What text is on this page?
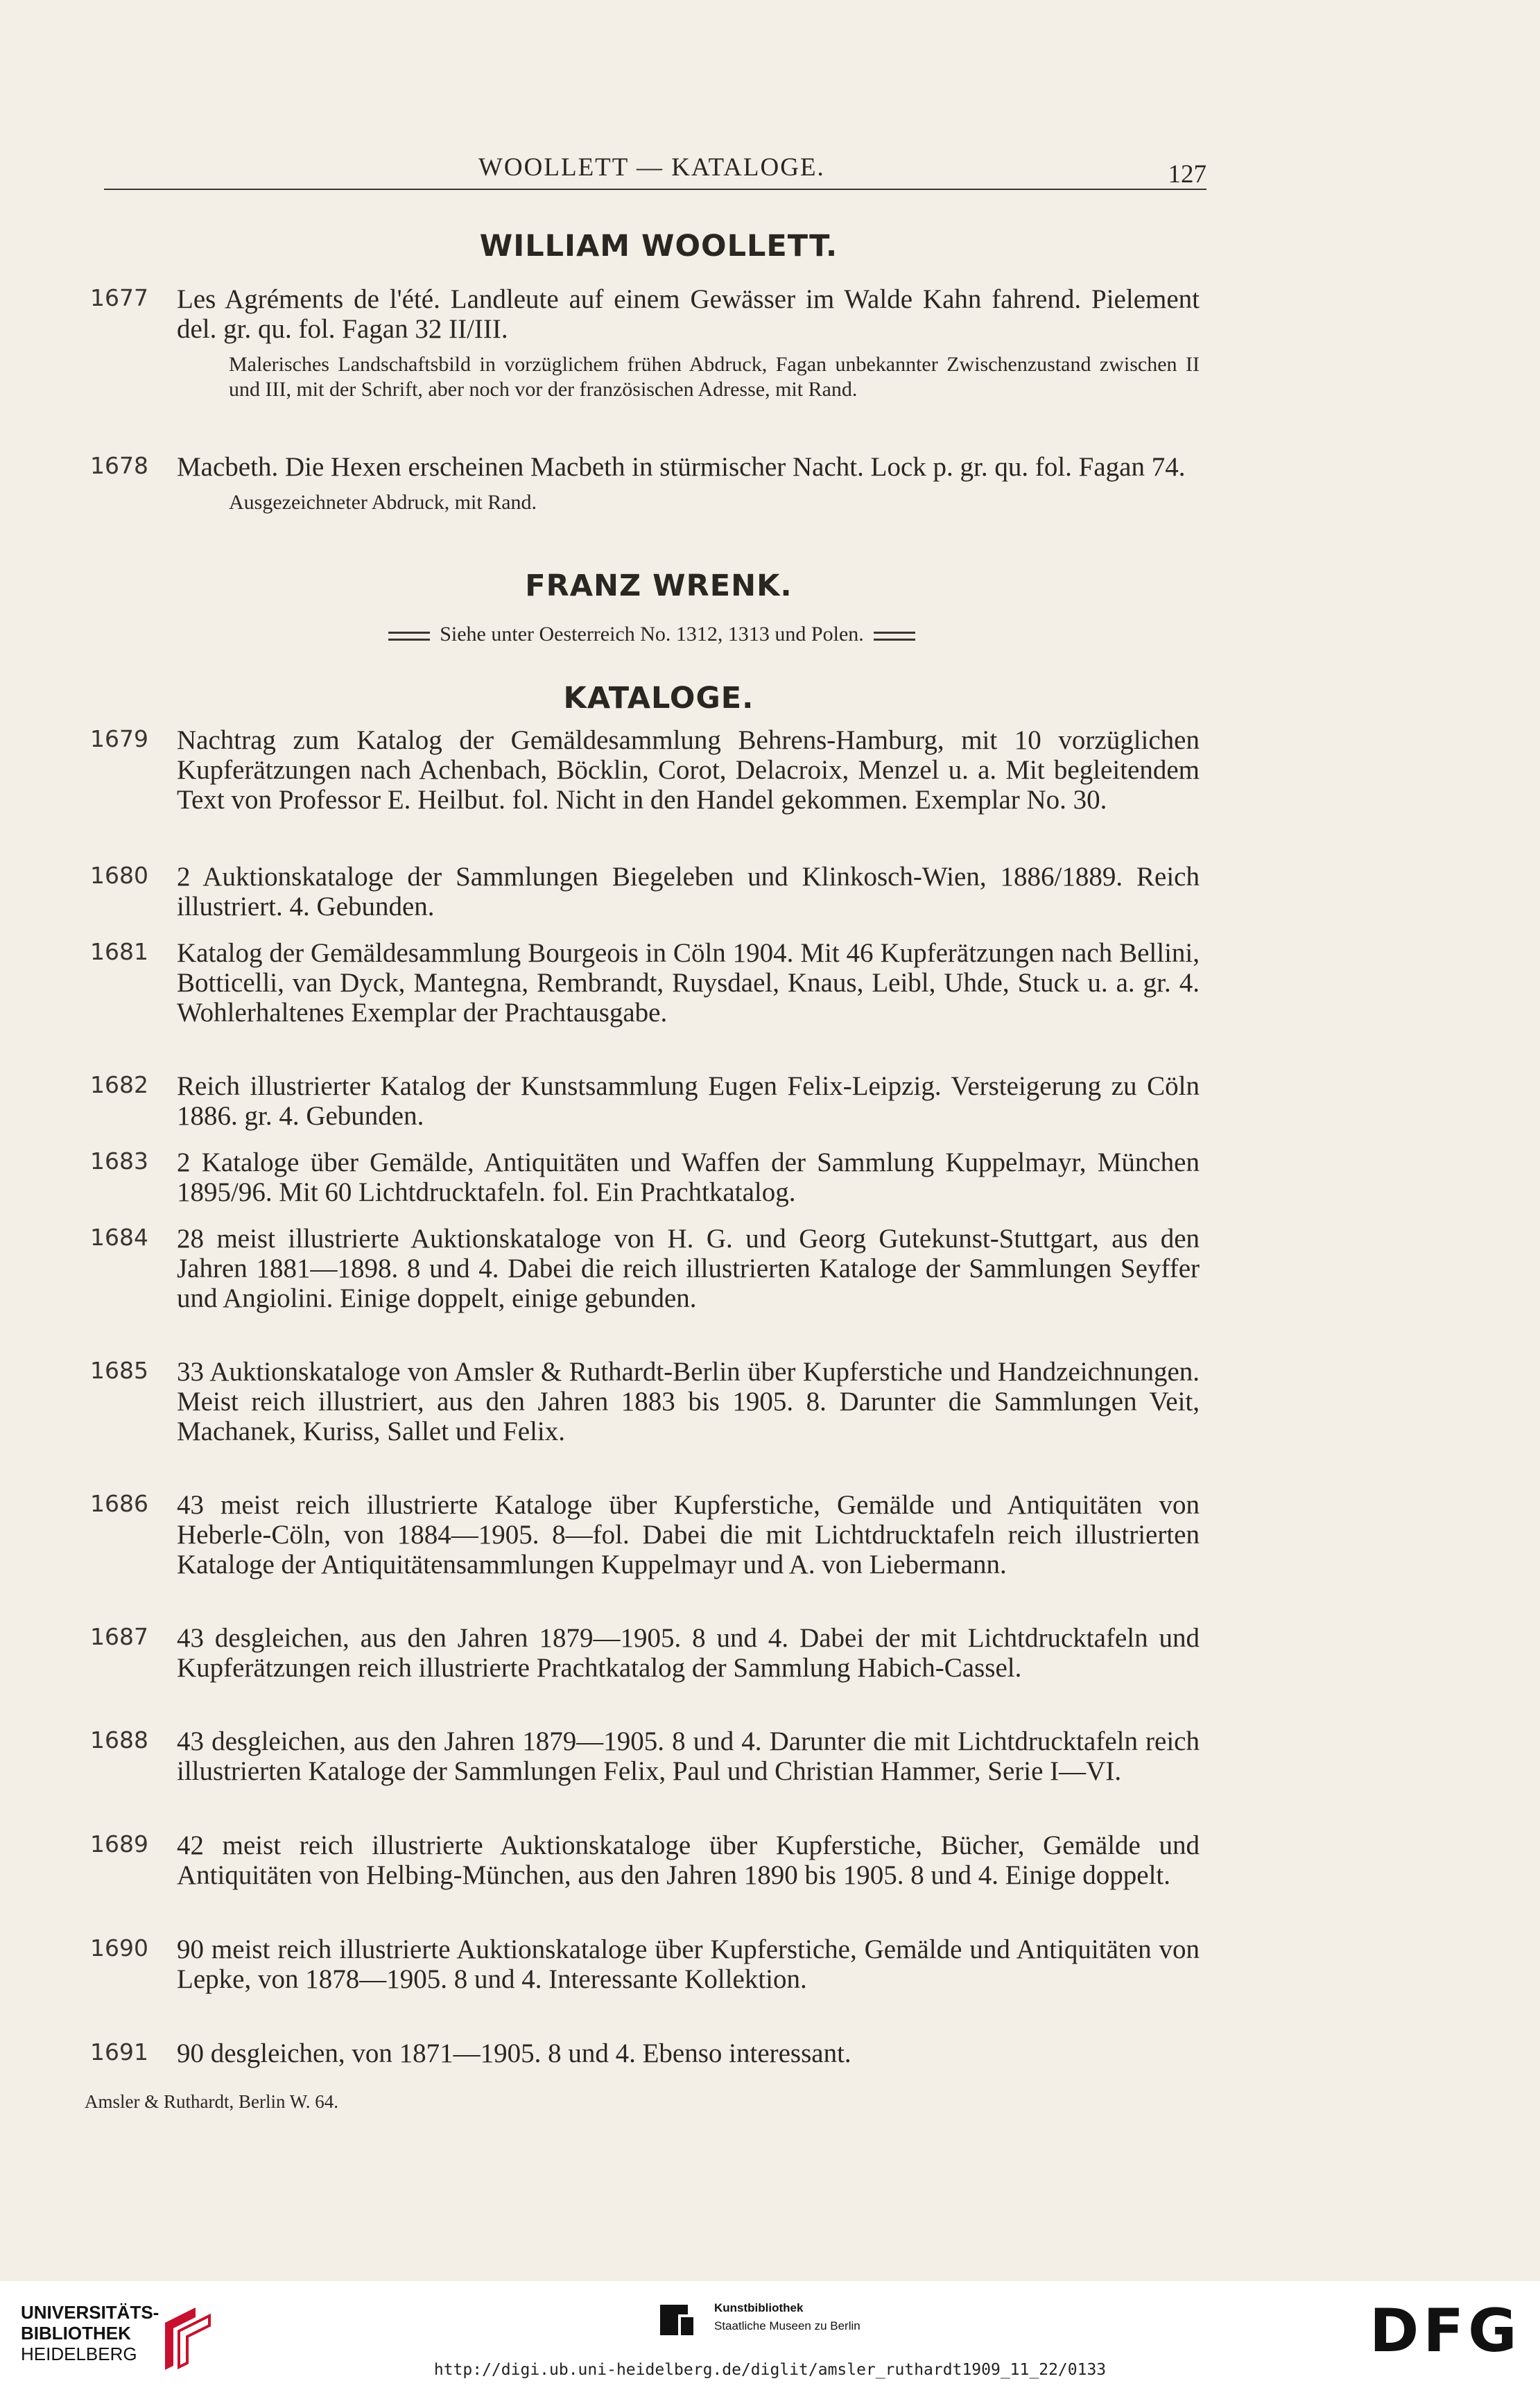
WOOLLETT — KATALOGE.	127
WILLIAM WOOLLETT.
1677 Les Agréments de l'été. Landleute auf einem Gewässer im Walde Kahn fahrend. Pielement del. gr. qu. fol. Fagan 32 II/III.
Malerisches Landschaftsbild in vorzüglichem frühen Abdruck, Fagan unbekannter Zwischenzustand zwischen II und III, mit der Schrift, aber noch vor der französischen Adresse, mit Rand.
1678 Macbeth. Die Hexen erscheinen Macbeth in stürmischer Nacht. Lock p. gr. qu. fol. Fagan 74.
Ausgezeichneter Abdruck, mit Rand.
FRANZ WRENK.
Siehe unter Oesterreich No. 1312, 1313 und Polen.
KATALOGE.
1679 Nachtrag zum Katalog der Gemäldesammlung Behrens-Hamburg, mit 10 vorzüglichen Kupferätzungen nach Achenbach, Böcklin, Corot, Delacroix, Menzel u. a. Mit begleitendem Text von Professor E. Heilbut. fol. Nicht in den Handel gekommen. Exemplar No. 30.
1680 2 Auktionskataloge der Sammlungen Biegeleben und Klinkosch-Wien, 1886/1889. Reich illustriert. 4. Gebunden.
1681 Katalog der Gemäldesammlung Bourgeois in Cöln 1904. Mit 46 Kupferätzungen nach Bellini, Botticelli, van Dyck, Mantegna, Rembrandt, Ruysdael, Knaus, Leibl, Uhde, Stuck u. a. gr. 4. Wohlerhaltenes Exemplar der Prachtausgabe.
1682 Reich illustrierter Katalog der Kunstsammlung Eugen Felix-Leipzig. Versteigerung zu Cöln 1886. gr. 4. Gebunden.
1683 2 Kataloge über Gemälde, Antiquitäten und Waffen der Sammlung Kuppelmayr, München 1895/96. Mit 60 Lichtdrucktafeln. fol. Ein Prachtkatalog.
1684 28 meist illustrierte Auktionskataloge von H. G. und Georg Gutekunst-Stuttgart, aus den Jahren 1881—1898. 8 und 4. Dabei die reich illustrierten Kataloge der Sammlungen Seyffer und Angiolini. Einige doppelt, einige gebunden.
1685 33 Auktionskataloge von Amsler & Ruthardt-Berlin über Kupferstiche und Handzeichnungen. Meist reich illustriert, aus den Jahren 1883 bis 1905. 8. Darunter die Sammlungen Veit, Machanek, Kuriss, Sallet und Felix.
1686 43 meist reich illustrierte Kataloge über Kupferstiche, Gemälde und Antiquitäten von Heberle-Cöln, von 1884—1905. 8—fol. Dabei die mit Lichtdrucktafeln reich illustrierten Kataloge der Antiquitätensammlungen Kuppelmayr und A. von Liebermann.
1687 43 desgleichen, aus den Jahren 1879—1905. 8 und 4. Dabei der mit Lichtdrucktafeln und Kupferätzungen reich illustrierte Prachtkatalog der Sammlung Habich-Cassel.
1688 43 desgleichen, aus den Jahren 1879—1905. 8 und 4. Darunter die mit Lichtdrucktafeln reich illustrierten Kataloge der Sammlungen Felix, Paul und Christian Hammer, Serie I—VI.
1689 42 meist reich illustrierte Auktionskataloge über Kupferstiche, Bücher, Gemälde und Antiquitäten von Helbing-München, aus den Jahren 1890 bis 1905. 8 und 4. Einige doppelt.
1690 90 meist reich illustrierte Auktionskataloge über Kupferstiche, Gemälde und Antiquitäten von Lepke, von 1878—1905. 8 und 4. Interessante Kollektion.
1691 90 desgleichen, von 1871—1905. 8 und 4. Ebenso interessant.
Amsler & Ruthardt, Berlin W. 64.
UNIVERSITÄTS-
BIBLIOTHEK
HEIDELBERG
Kunstbibliothek
Staatliche Museen zu Berlin	DFG
http://digi.ub.uni-heidelberg.de/diglit/amsler_ruthardt1909_11_22/0133
